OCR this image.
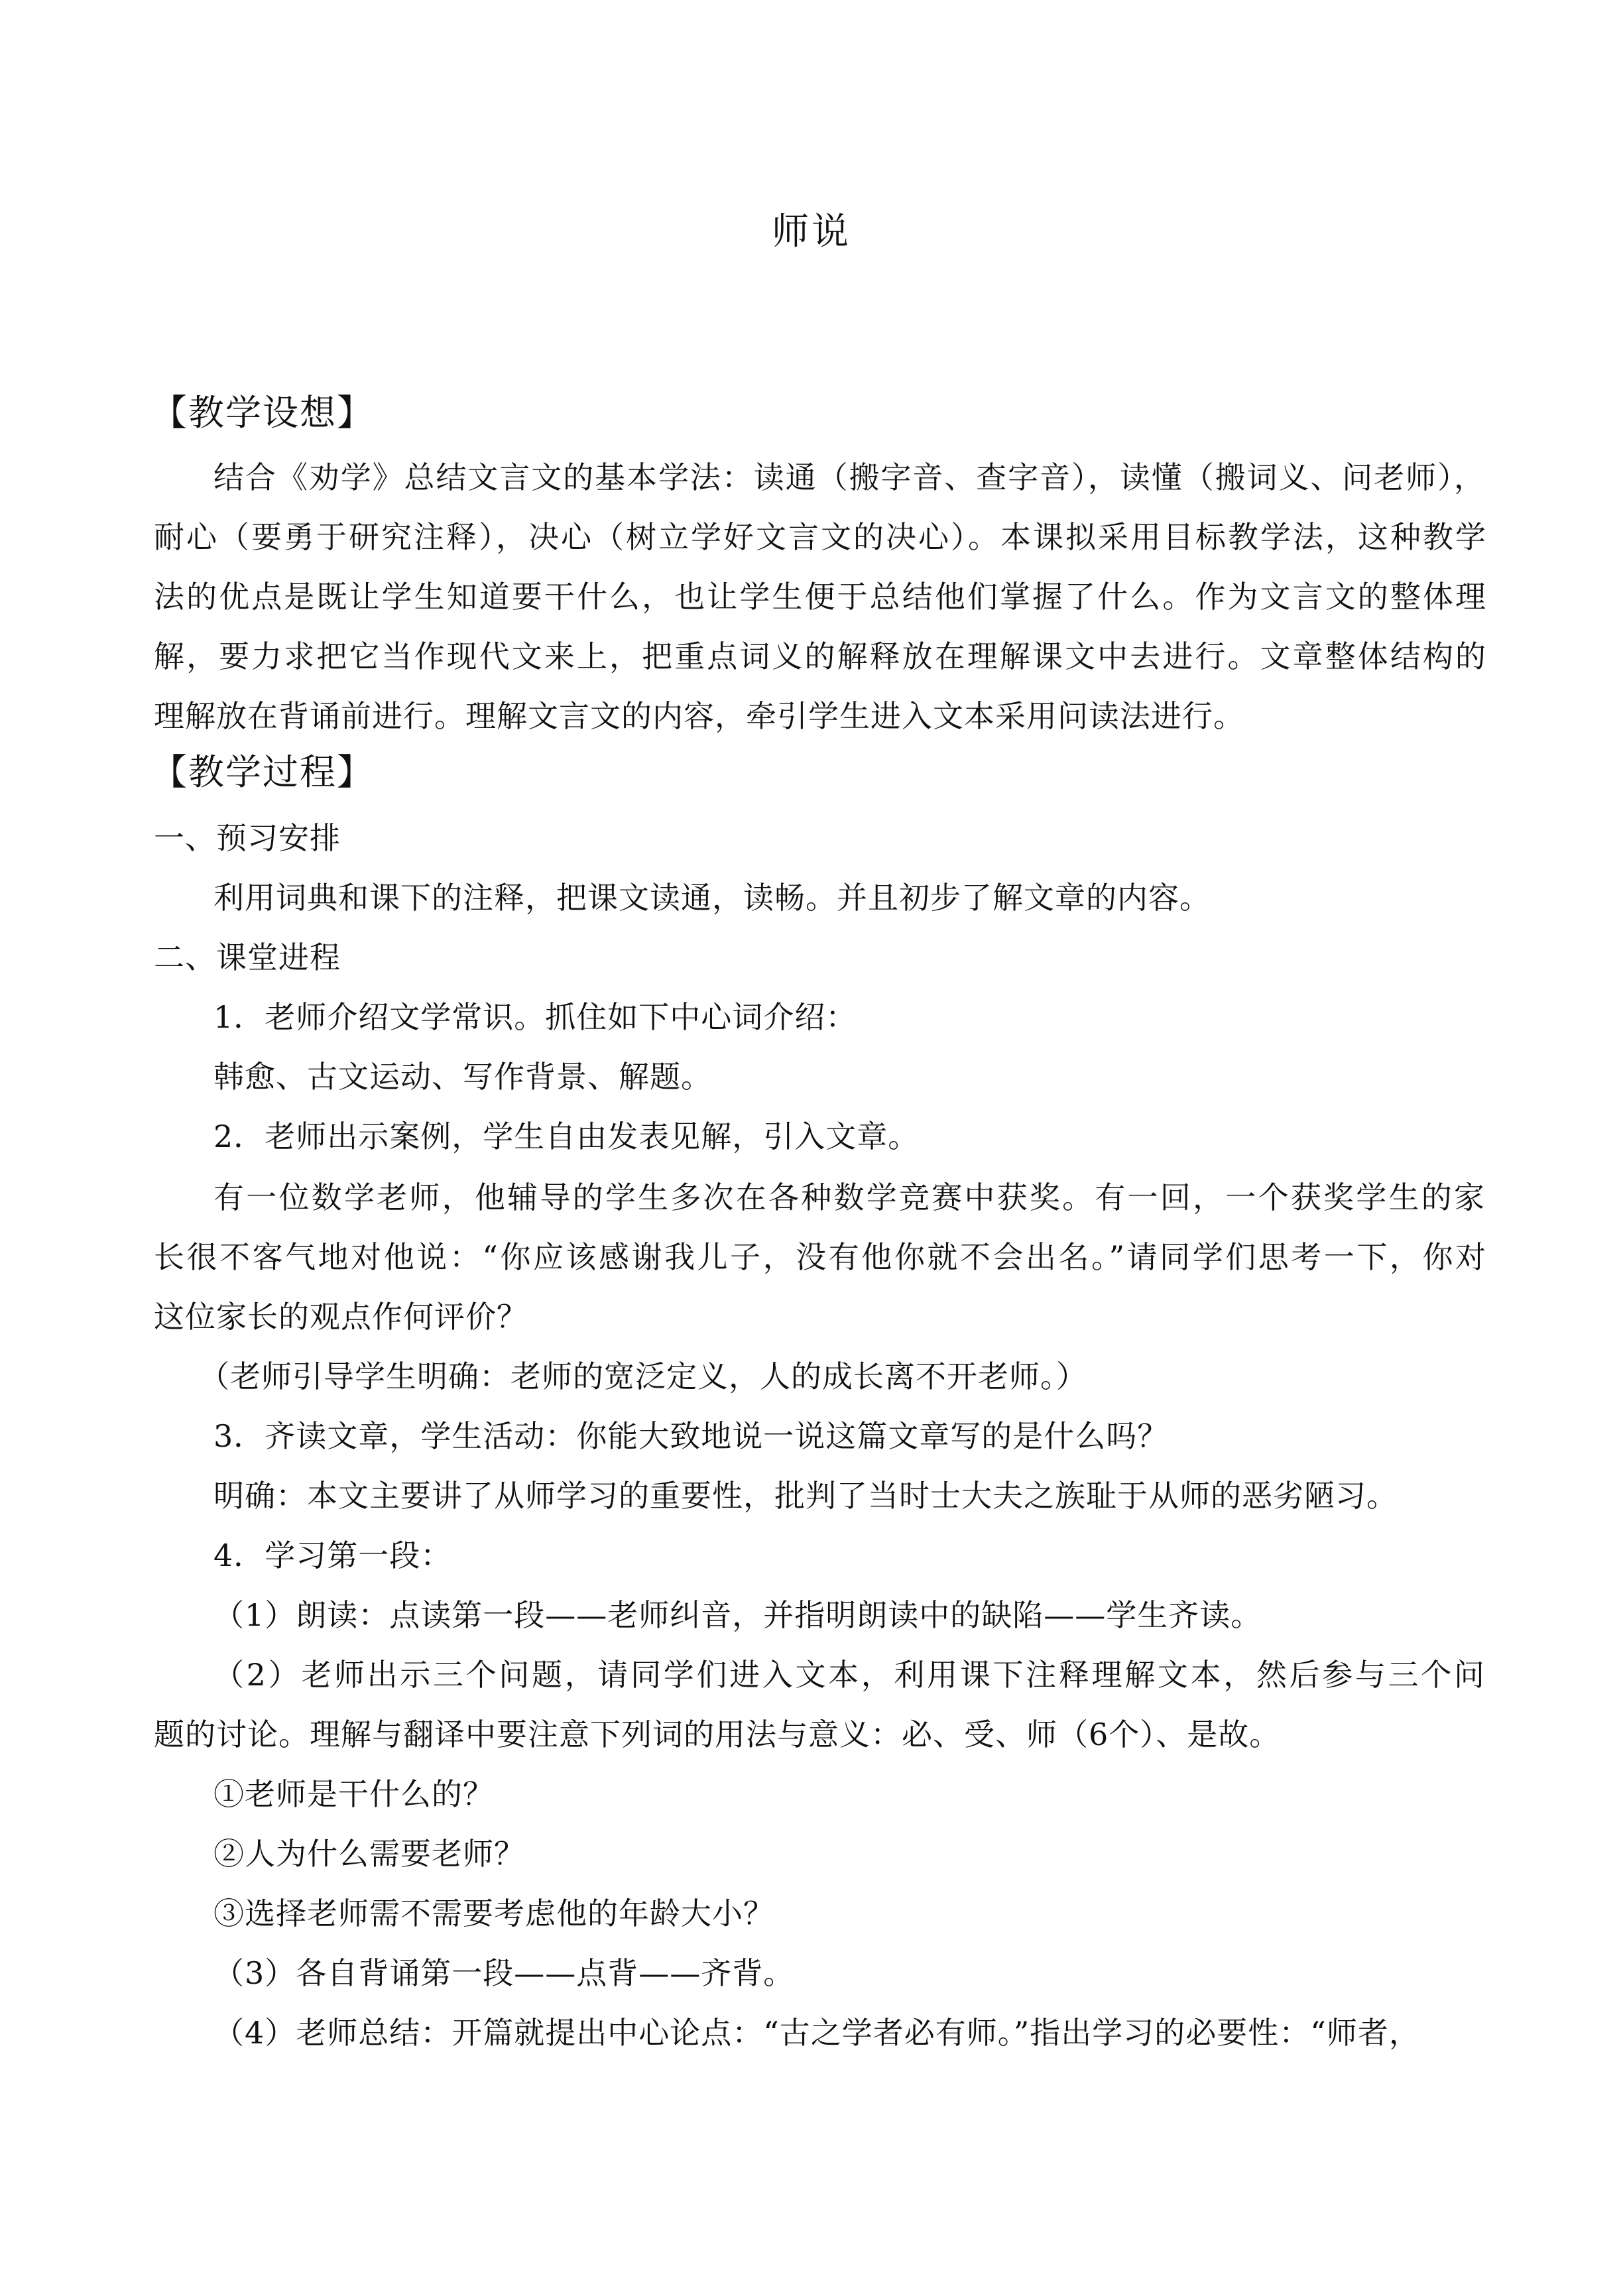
师说
【教学设想】
结合《劝学》总结文言文的基本学法：读通（搬字音、查字音），读懂（搬词义、问老师），
耐心（要勇于研究注释），决心（树立学好文言文的决心）。本课拟采用目标教学法，这种教学
法的优点是既让学生知道要干什么，也让学生便于总结他们掌握了什么。作为文言文的整体理
解，要力求把它当作现代文来上，把重点词义的解释放在理解课文中去进行。文章整体结构的
理解放在背诵前进行。理解文言文的内容，牵引学生进入文本采用问读法进行。
【教学过程】
一、预习安排
利用词典和课下的注释，把课文读通，读畅。并且初步了解文章的内容。
二、课堂进程
1．老师介绍文学常识。抓住如下中心词介绍：
韩愈、古文运动、写作背景、解题。
2．老师出示案例，学生自由发表见解，引入文章。
有一位数学老师，他辅导的学生多次在各种数学竞赛中获奖。有一回，一个获奖学生的家
长很不客气地对他说：“你应该感谢我儿子，没有他你就不会出名。”请同学们思考一下，你对
这位家长的观点作何评价？
（老师引导学生明确：老师的宽泛定义，人的成长离不开老师。）
3．齐读文章，学生活动：你能大致地说一说这篇文章写的是什么吗？
明确：本文主要讲了从师学习的重要性，批判了当时士大夫之族耻于从师的恶劣陋习。
4．学习第一段：
（1）朗读：点读第一段——老师纠音，并指明朗读中的缺陷——学生齐读。
（2）老师出示三个问题，请同学们进入文本，利用课下注释理解文本，然后参与三个问
题的讨论。理解与翻译中要注意下列词的用法与意义：必、受、师（6个）、是故。
①老师是干什么的？
②人为什么需要老师？
③选择老师需不需要考虑他的年龄大小？
（3）各自背诵第一段——点背——齐背。
（4）老师总结：开篇就提出中心论点：“古之学者必有师。”指出学习的必要性：“师者，
